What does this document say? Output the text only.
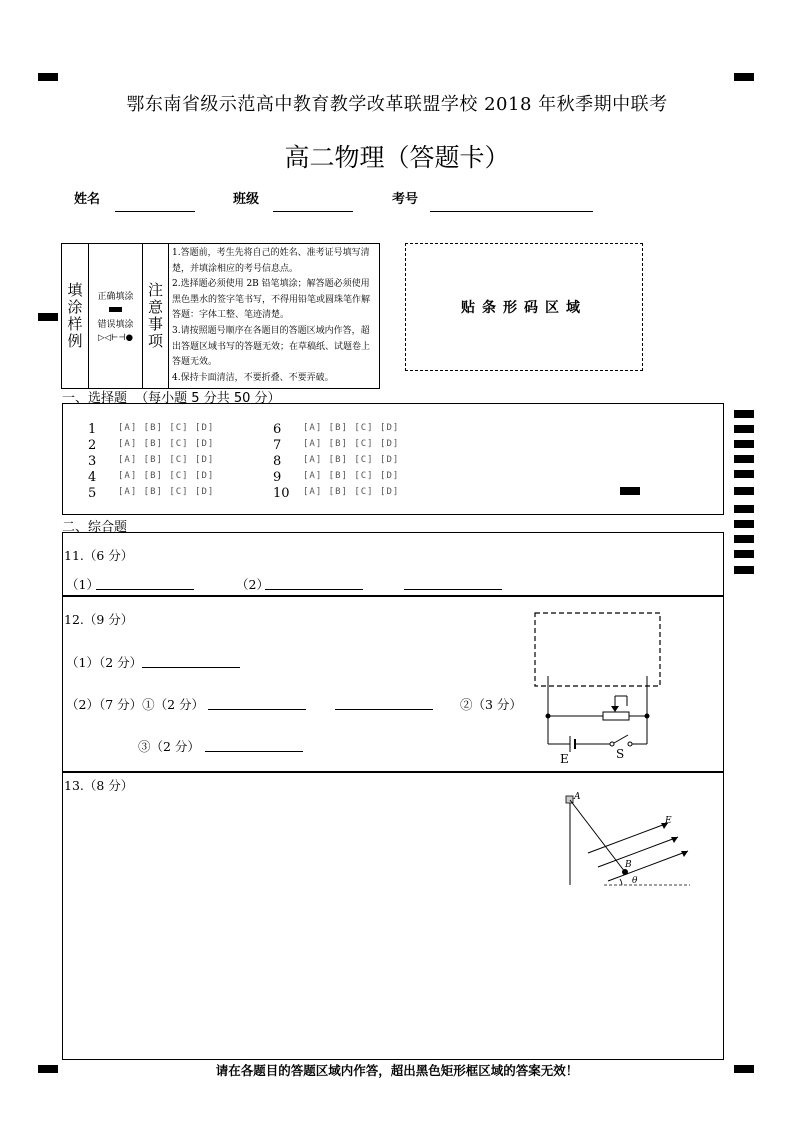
鄂东南省级示范高中教育教学改革联盟学校 2018 年秋季期中联考
高二物理（答题卡）
姓名	班级	考号
填
涂
样
例

正确填涂
错误填涂
▷◁⊢⊣●

注
意
事
项

1.答题前，考生先将自己的姓名、准考证号填写清楚，并填涂相应的考号信息点。
2.选择题必须使用 2B 铅笔填涂；解答题必须使用黑色墨水的签字笔书写，不得用铅笔或圆珠笔作解答题：字体工整、笔迹清楚。
3.请按照题号顺序在各题目的答题区域内作答，超出答题区域书写的答题无效；在草稿纸、试题卷上答题无效。
4.保持卡面清洁，不要折叠、不要弄破。
贴条形码区域
一、选择题 （每小题 5 分共 50 分）
1	[A] [B] [C] [D]
2	[A] [B] [C] [D]
3	[A] [B] [C] [D]
4	[A] [B] [C] [D]
5	[A] [B] [C] [D]
6	[A] [B] [C] [D]
7	[A] [B] [C] [D]
8	[A] [B] [C] [D]
9	[A] [B] [C] [D]
10 [A] [B] [C] [D]
二、综合题
11.（6 分）
（1）	（2）
12.（9 分）
（1）（2 分）
（2）（7 分）①（2 分）	②（3 分）
③（2 分）
E	S
13.（8 分）
A
B
E
θ
请在各题目的答题区域内作答，超出黑色矩形框区域的答案无效！
